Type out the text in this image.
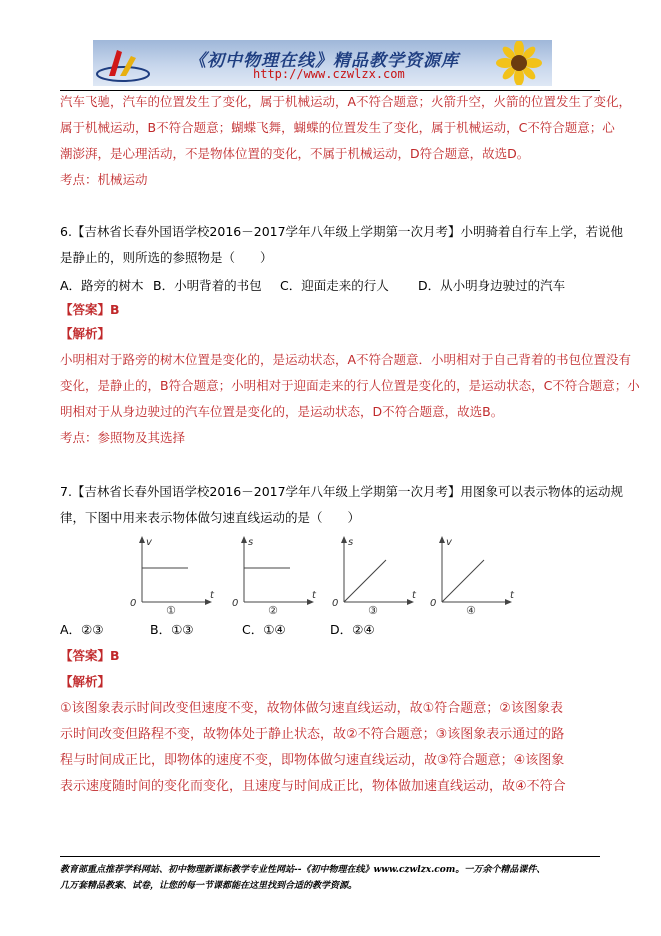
《初中物理在线》精品教学资源库
http://www.czwlzx.com
汽车飞驰，汽车的位置发生了变化，属于机械运动，A不符合题意；火箭升空，火箭的位置发生了变化，
属于机械运动，B不符合题意；蝴蝶飞舞，蝴蝶的位置发生了变化，属于机械运动，C不符合题意；心
潮澎湃，是心理活动，不是物体位置的变化，不属于机械运动，D符合题意，故选D。
考点：机械运动
6.【吉林省长春外国语学校2016－2017学年八年级上学期第一次月考】小明骑着自行车上学，若说他
是静止的，则所选的参照物是（　　）
A．路旁的树木 B．小明背着的书包 C．迎面走来的行人 D．从小明身边驶过的汽车
【答案】B
【解析】
小明相对于路旁的树木位置是变化的，是运动状态，A不符合题意．小明相对于自己背着的书包位置没有
变化，是静止的，B符合题意；小明相对于迎面走来的行人位置是变化的，是运动状态，C不符合题意；小
明相对于从身边驶过的汽车位置是变化的，是运动状态，D不符合题意，故选B。
考点：参照物及其选择
7.【吉林省长春外国语学校2016－2017学年八年级上学期第一次月考】用图象可以表示物体的运动规
律，下图中用来表示物体做匀速直线运动的是（　　）
v
t
0
①
s
t
0
②
s
t
0
③
v
t
0
④
A．②③	B．①③	C．①④	D．②④
【答案】B
【解析】
①该图象表示时间改变但速度不变，故物体做匀速直线运动，故①符合题意；②该图象表
示时间改变但路程不变，故物体处于静止状态，故②不符合题意；③该图象表示通过的路
程与时间成正比，即物体的速度不变，即物体做匀速直线运动，故③符合题意；④该图象
表示速度随时间的变化而变化，且速度与时间成正比，物体做加速直线运动，故④不符合
教育部重点推荐学科网站、初中物理新课标教学专业性网站--《初中物理在线》www.czwlzx.com。一万余个精品课件、
几万套精品教案、试卷，让您的每一节课都能在这里找到合适的教学资源。
